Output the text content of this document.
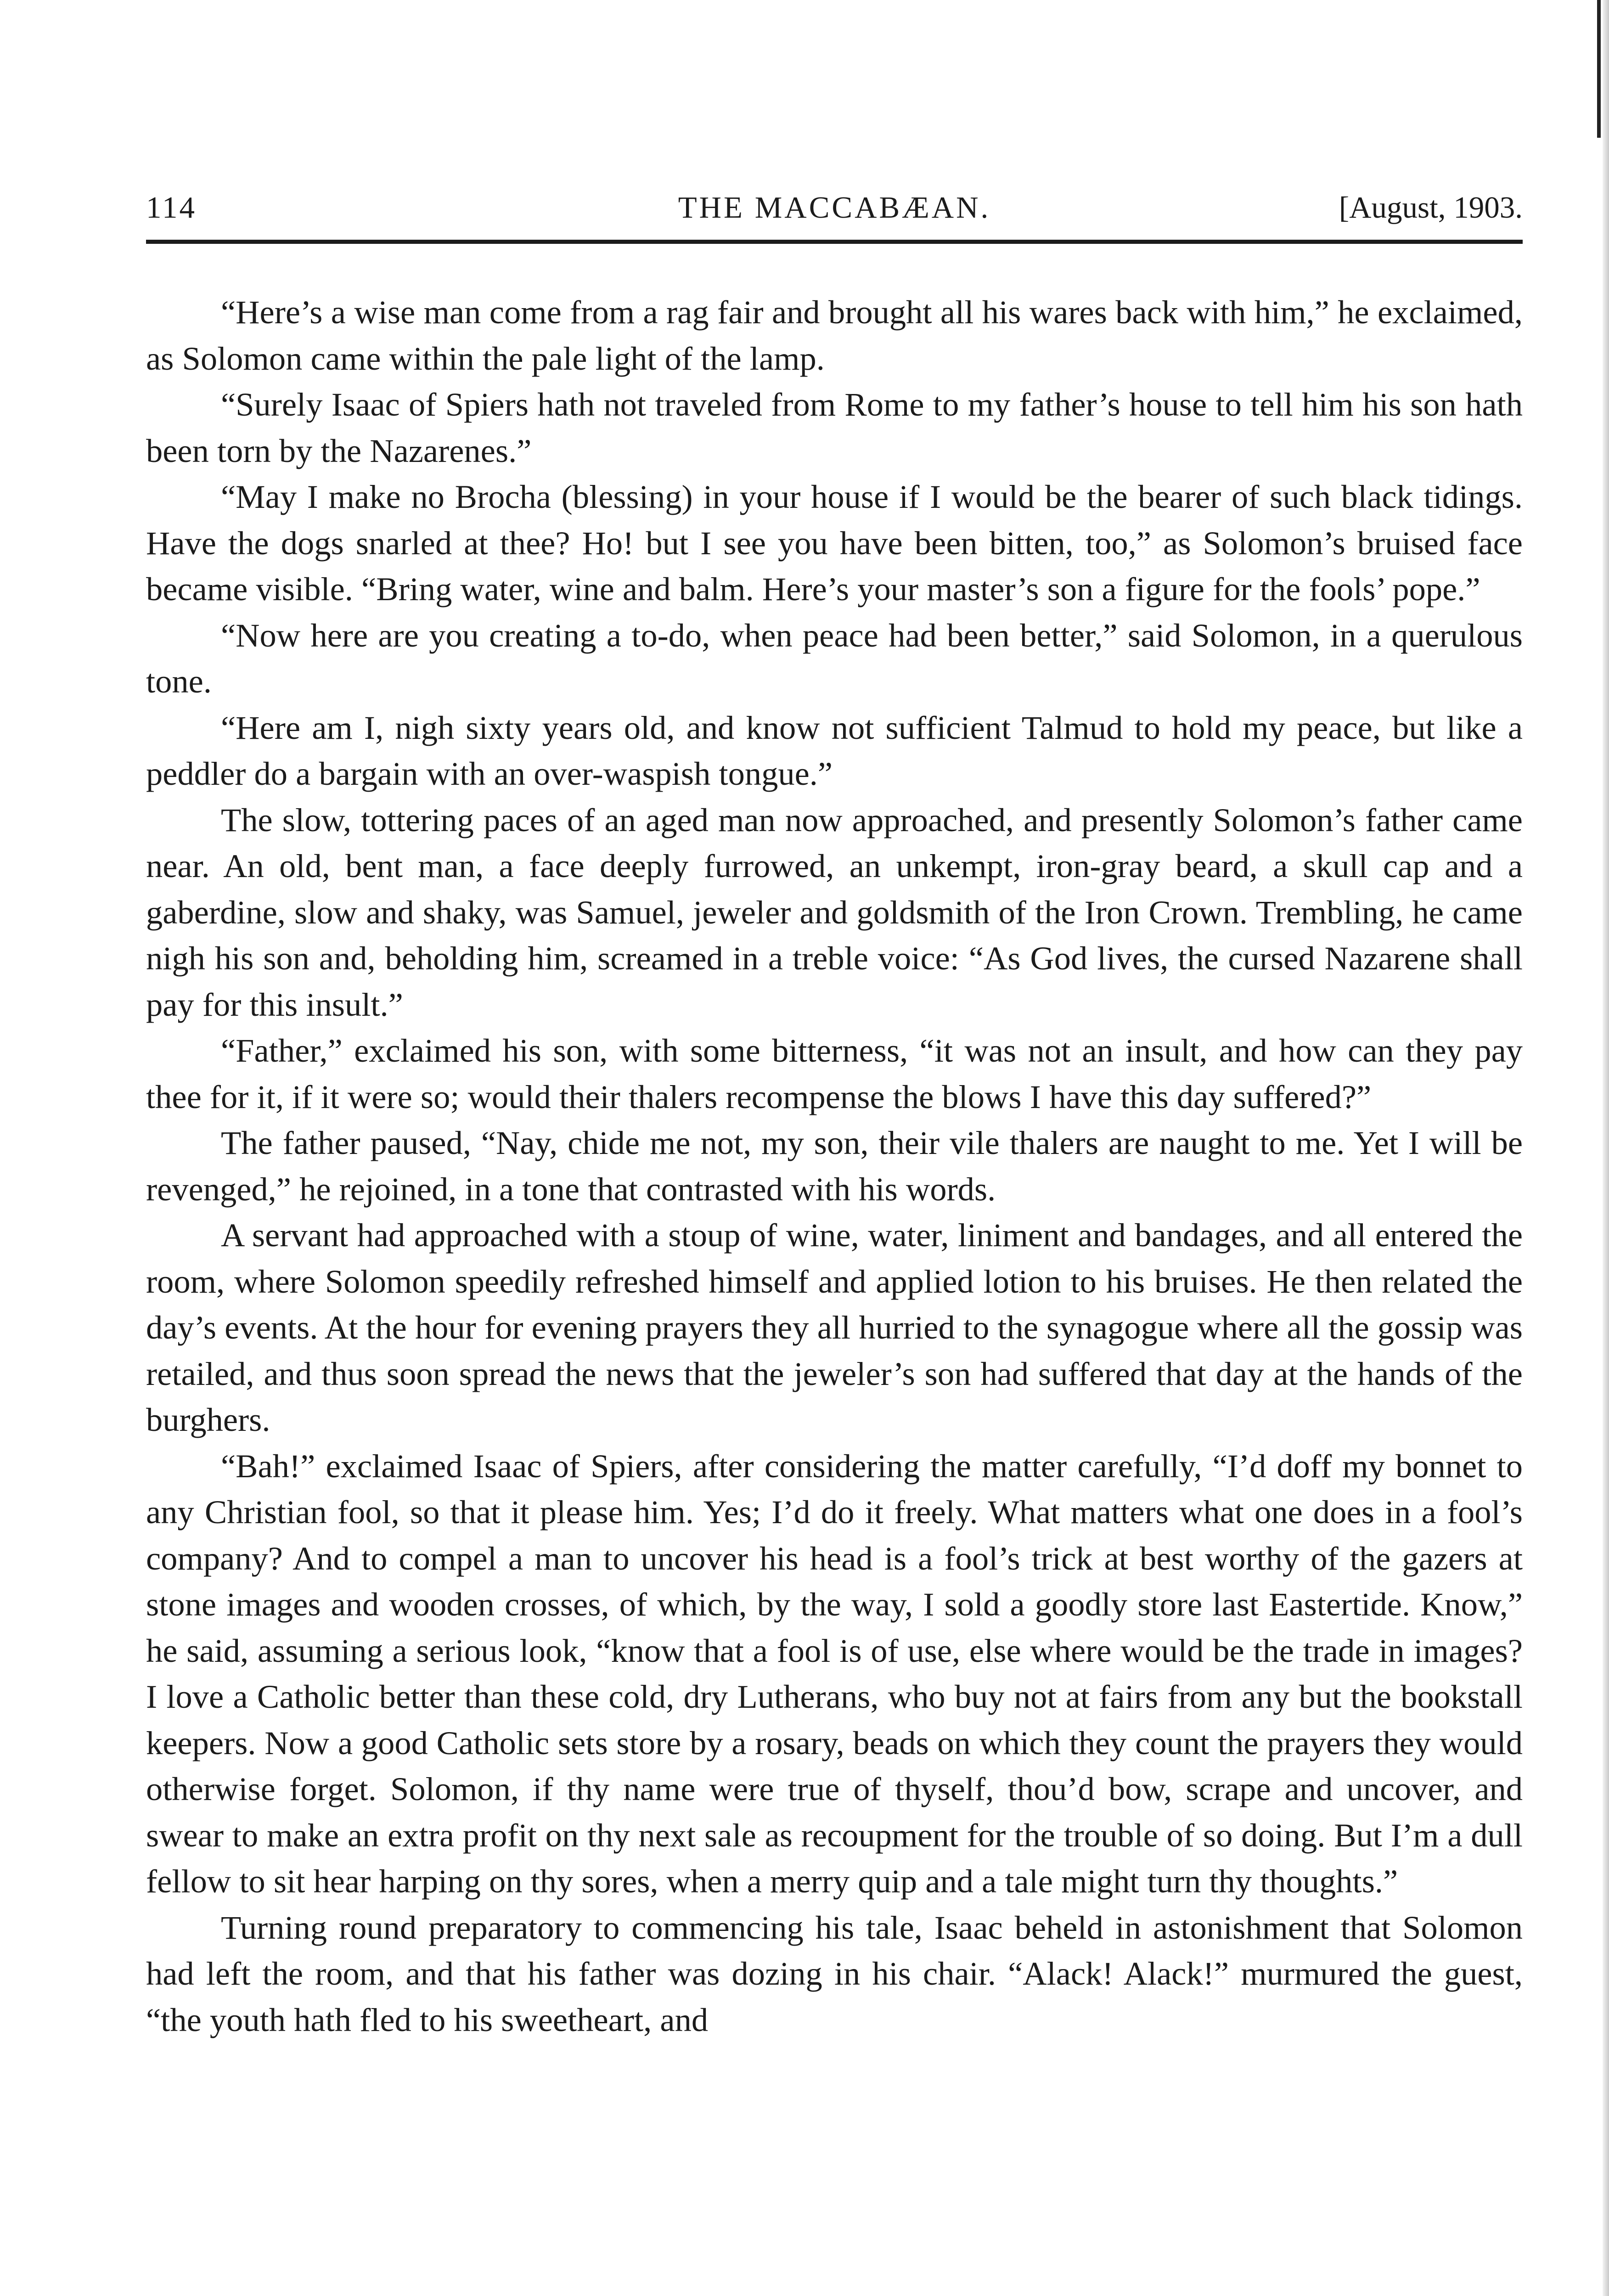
114	THE MACCABÆAN.	[August, 1903.

“Here’s a wise man come from a rag fair and brought all his wares back with him,” he exclaimed, as Solomon came within the pale light of the lamp.

“Surely Isaac of Spiers hath not traveled from Rome to my father’s house to tell him his son hath been torn by the Nazarenes.”

“May I make no Brocha (blessing) in your house if I would be the bearer of such black tidings. Have the dogs snarled at thee? Ho! but I see you have been bitten, too,” as Solomon’s bruised face became visible. “Bring water, wine and balm. Here’s your master’s son a figure for the fools’ pope.”

“Now here are you creating a to-do, when peace had been better,” said Solomon, in a querulous tone.

“Here am I, nigh sixty years old, and know not sufficient Talmud to hold my peace, but like a peddler do a bargain with an over-waspish tongue.”

The slow, tottering paces of an aged man now approached, and presently Solomon’s father came near. An old, bent man, a face deeply furrowed, an unkempt, iron-gray beard, a skull cap and a gaberdine, slow and shaky, was Samuel, jeweler and goldsmith of the Iron Crown. Trembling, he came nigh his son and, beholding him, screamed in a treble voice: “As God lives, the cursed Nazarene shall pay for this insult.”

“Father,” exclaimed his son, with some bitterness, “it was not an insult, and how can they pay thee for it, if it were so; would their thalers recompense the blows I have this day suffered?”

The father paused, “Nay, chide me not, my son, their vile thalers are naught to me. Yet I will be revenged,” he rejoined, in a tone that contrasted with his words.

A servant had approached with a stoup of wine, water, liniment and bandages, and all entered the room, where Solomon speedily refreshed himself and applied lotion to his bruises. He then related the day’s events. At the hour for evening prayers they all hurried to the synagogue where all the gossip was retailed, and thus soon spread the news that the jeweler’s son had suffered that day at the hands of the burghers.

“Bah!” exclaimed Isaac of Spiers, after considering the matter carefully, “I’d doff my bonnet to any Christian fool, so that it please him. Yes; I’d do it freely. What matters what one does in a fool’s company? And to compel a man to uncover his head is a fool’s trick at best worthy of the gazers at stone images and wooden crosses, of which, by the way, I sold a goodly store last Eastertide. Know,” he said, assuming a serious look, “know that a fool is of use, else where would be the trade in images? I love a Catholic better than these cold, dry Lutherans, who buy not at fairs from any but the bookstall keepers. Now a good Catholic sets store by a rosary, beads on which they count the prayers they would otherwise forget. Solomon, if thy name were true of thyself, thou’d bow, scrape and uncover, and swear to make an extra profit on thy next sale as recoupment for the trouble of so doing. But I’m a dull fellow to sit hear harping on thy sores, when a merry quip and a tale might turn thy thoughts.”

Turning round preparatory to commencing his tale, Isaac beheld in astonishment that Solomon had left the room, and that his father was dozing in his chair. “Alack! Alack!” murmured the guest, “the youth hath fled to his sweetheart, and
